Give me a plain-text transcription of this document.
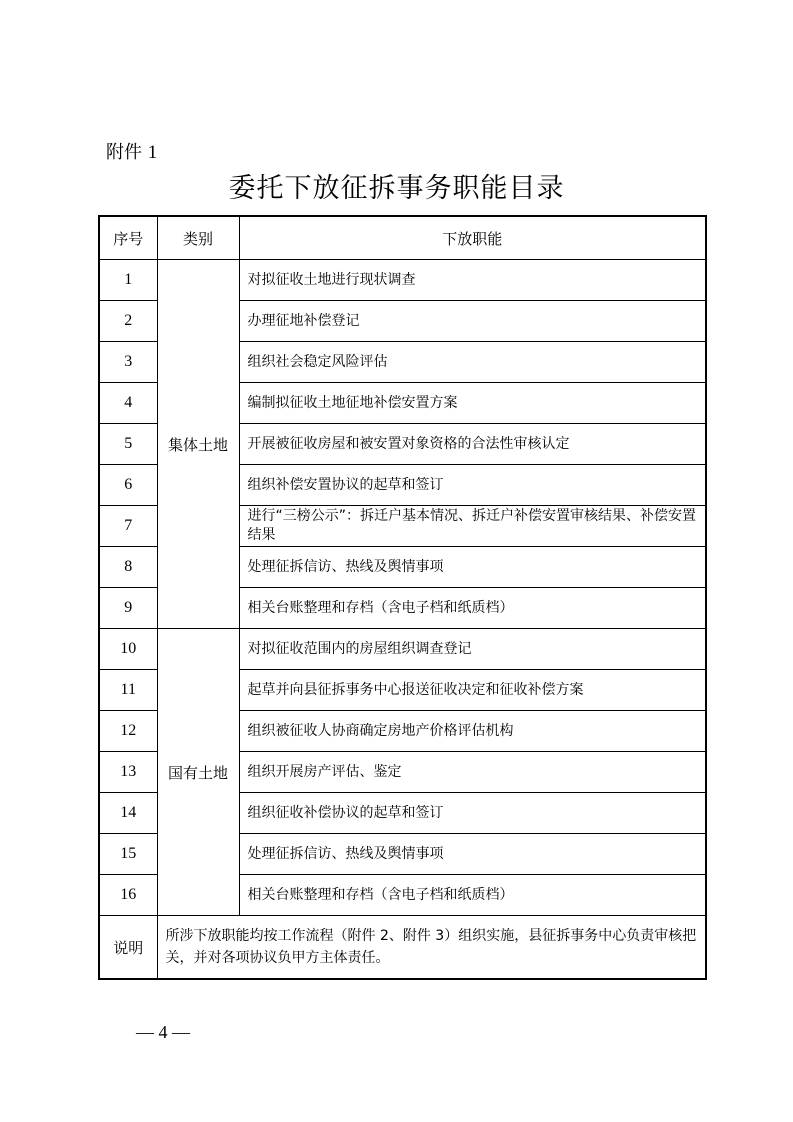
附件 1
委托下放征拆事务职能目录
序号	类别	下放职能
1	集体土地	对拟征收土地进行现状调查
2		办理征地补偿登记
3		组织社会稳定风险评估
4		编制拟征收土地征地补偿安置方案
5		开展被征收房屋和被安置对象资格的合法性审核认定
6		组织补偿安置协议的起草和签订
7		进行“三榜公示”：拆迁户基本情况、拆迁户补偿安置审核结果、补偿安置结果
8		处理征拆信访、热线及舆情事项
9		相关台账整理和存档（含电子档和纸质档）
10	国有土地	对拟征收范围内的房屋组织调查登记
11		起草并向县征拆事务中心报送征收决定和征收补偿方案
12		组织被征收人协商确定房地产价格评估机构
13		组织开展房产评估、鉴定
14		组织征收补偿协议的起草和签订
15		处理征拆信访、热线及舆情事项
16		相关台账整理和存档（含电子档和纸质档）
说明	所涉下放职能均按工作流程（附件 2、附件 3）组织实施，县征拆事务中心负责审核把关，并对各项协议负甲方主体责任。	
— 4 —
